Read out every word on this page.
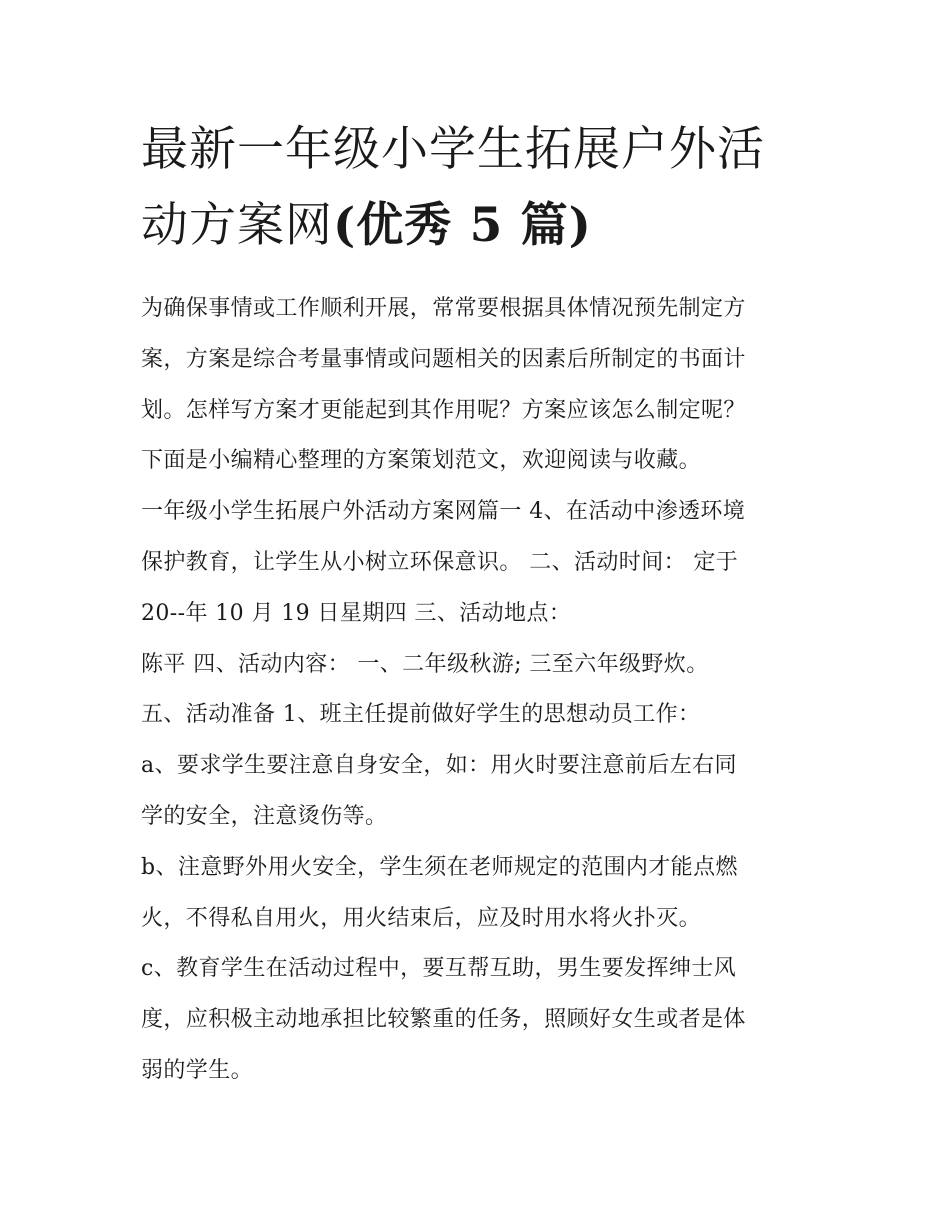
最新一年级小学生拓展户外活
动方案网(优秀 5 篇)
为确保事情或工作顺利开展，常常要根据具体情况预先制定方
案，方案是综合考量事情或问题相关的因素后所制定的书面计
划。怎样写方案才更能起到其作用呢？方案应该怎么制定呢？
下面是小编精心整理的方案策划范文，欢迎阅读与收藏。
一年级小学生拓展户外活动方案网篇一 4、在活动中渗透环境
保护教育，让学生从小树立环保意识。 二、活动时间： 定于
20--年 10 月 19 日星期四 三、活动地点：
陈平 四、活动内容： 一、二年级秋游; 三至六年级野炊。
五、活动准备 1、班主任提前做好学生的思想动员工作：
a、要求学生要注意自身安全，如：用火时要注意前后左右同
学的安全，注意烫伤等。
b、注意野外用火安全，学生须在老师规定的范围内才能点燃
火，不得私自用火，用火结束后，应及时用水将火扑灭。
c、教育学生在活动过程中，要互帮互助，男生要发挥绅士风
度，应积极主动地承担比较繁重的任务，照顾好女生或者是体
弱的学生。
